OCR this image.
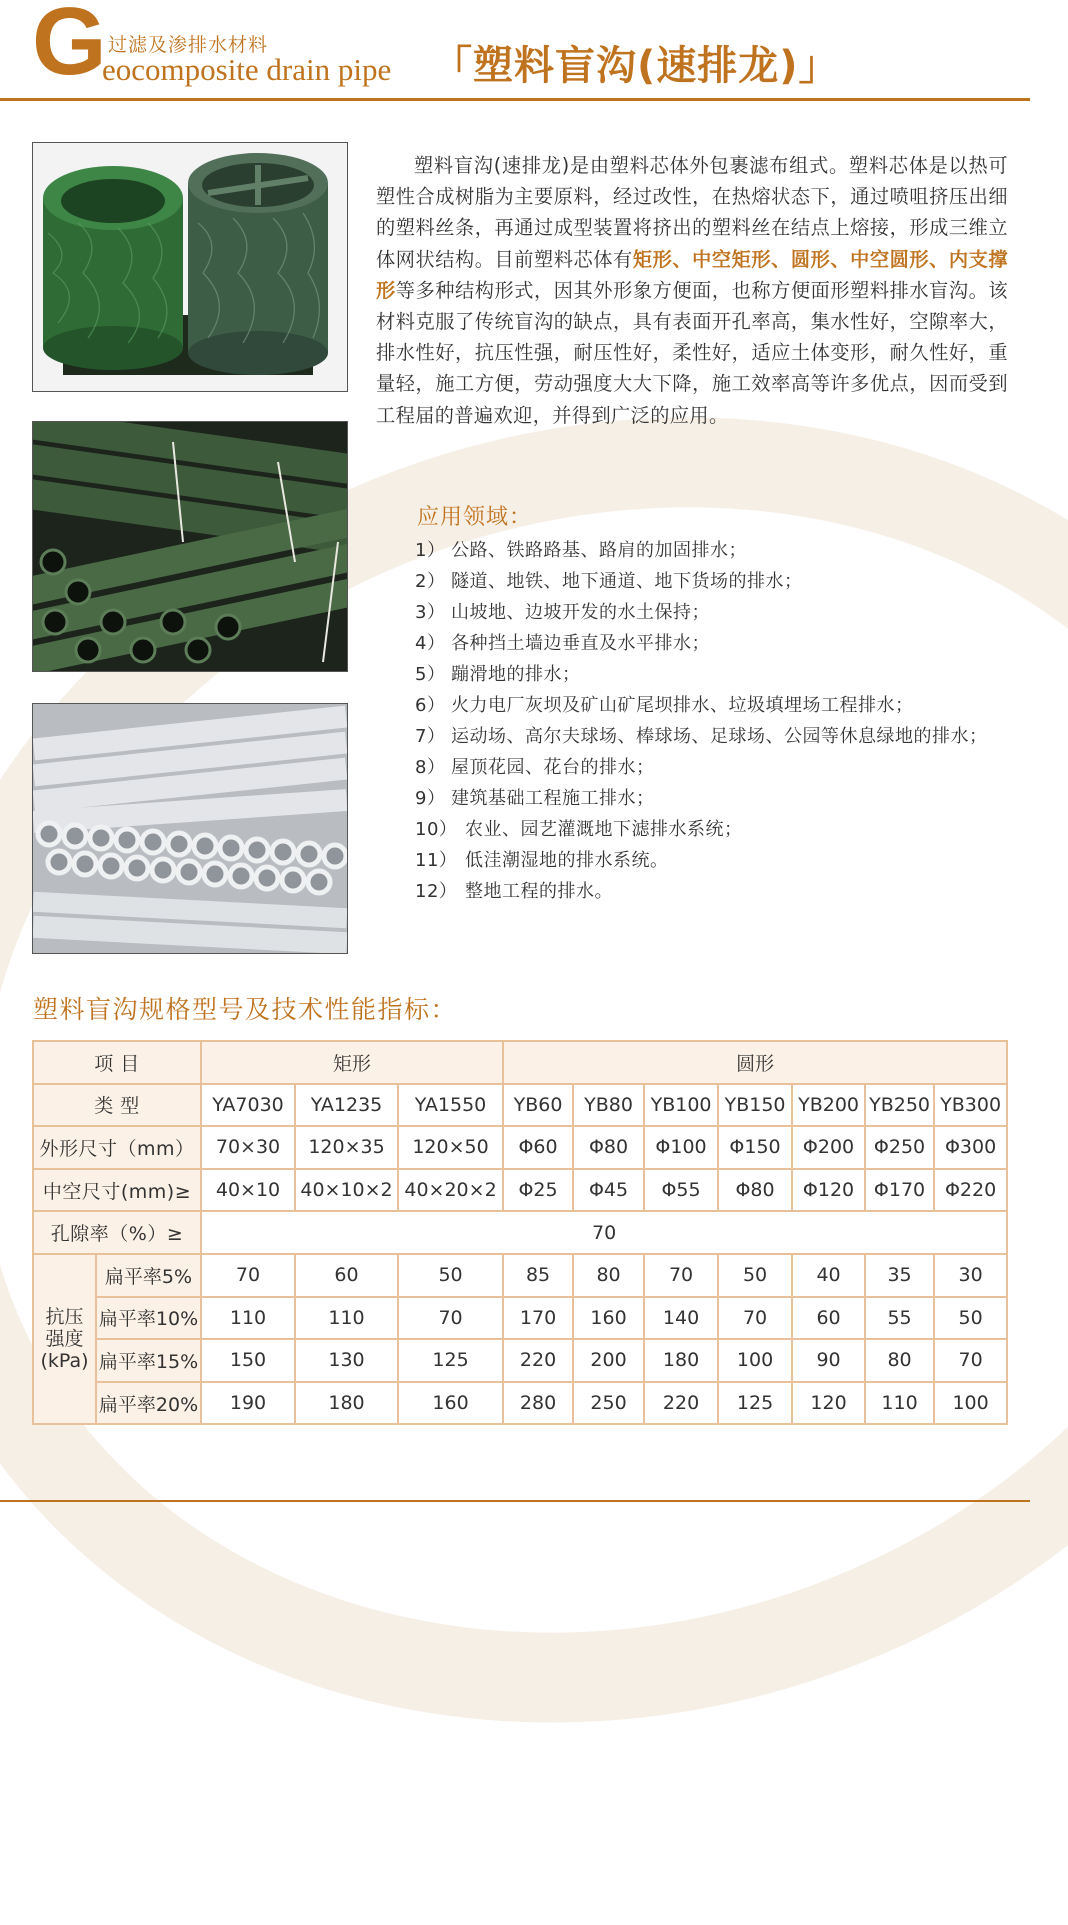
G 过滤及渗排水材料
eocomposite drain pipe 「塑料盲沟(速排龙)」

塑料盲沟(速排龙)是由塑料芯体外包裹滤布组式。塑料芯体是以热可塑性合成树脂为主要原料，经过改性，在热熔状态下，通过喷咀挤压出细的塑料丝条，再通过成型装置将挤出的塑料丝在结点上熔接，形成三维立体网状结构。目前塑料芯体有矩形、中空矩形、圆形、中空圆形、内支撑形等多种结构形式，因其外形象方便面，也称方便面形塑料排水盲沟。该材料克服了传统盲沟的缺点，具有表面开孔率高，集水性好，空隙率大，排水性好，抗压性强，耐压性好，柔性好，适应土体变形，耐久性好，重量轻，施工方便，劳动强度大大下降，施工效率高等许多优点，因而受到工程届的普遍欢迎，并得到广泛的应用。

应用领域：
1） 公路、铁路路基、路肩的加固排水；
2） 隧道、地铁、地下通道、地下货场的排水；
3） 山坡地、边坡开发的水土保持；
4） 各种挡土墙边垂直及水平排水；
5） 蹦滑地的排水；
6） 火力电厂灰坝及矿山矿尾坝排水、垃圾填埋场工程排水；
7） 运动场、高尔夫球场、棒球场、足球场、公园等休息绿地的排水；
8） 屋顶花园、花台的排水；
9） 建筑基础工程施工排水；
10） 农业、园艺灌溉地下滤排水系统；
11） 低洼潮湿地的排水系统。
12） 整地工程的排水。
塑料盲沟规格型号及技术性能指标：
项 目		矩形			圆形						
类 型		YA7030	YA1235	YA1550	YB60	YB80	YB100	YB150	YB200	YB250	YB300
外形尺寸（mm）		70×30	120×35	120×50	Φ60	Φ80	Φ100	Φ150	Φ200	Φ250	Φ300
中空尺寸(mm)≥		40×10	40×10×2	40×20×2	Φ25	Φ45	Φ55	Φ80	Φ120	Φ170	Φ220
孔隙率（%）≥		70									
抗压
强度
(kPa)	扁平率5%	70	60	50	85	80	70	50	40	35	30
	扁平率10%	110	110	70	170	160	140	70	60	55	50
	扁平率15%	150	130	125	220	200	180	100	90	80	70
	扁平率20%	190	180	160	280	250	220	125	120	110	100
